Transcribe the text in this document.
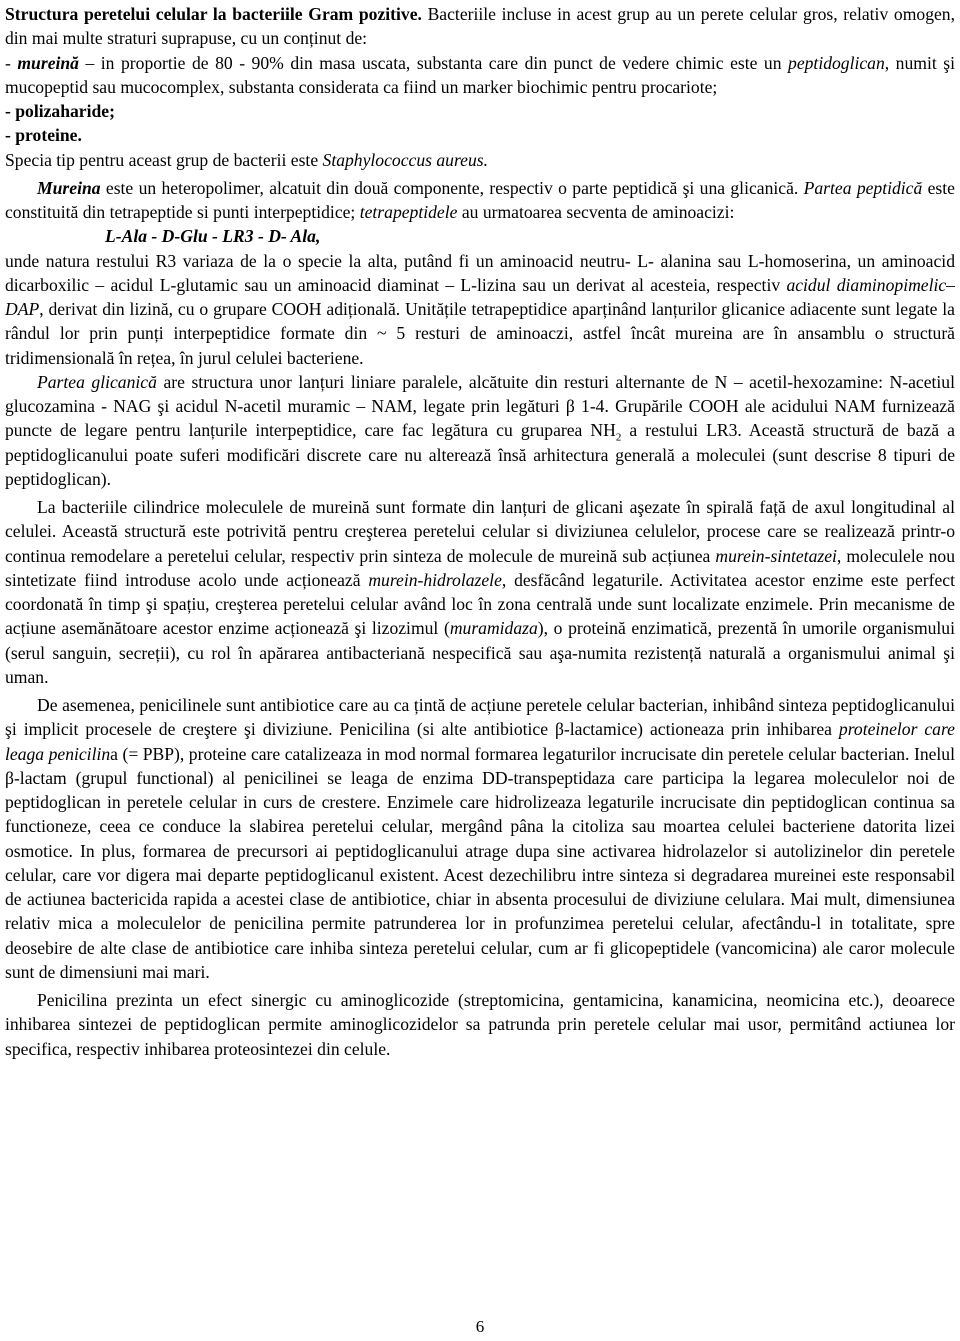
Structura peretelui celular la bacteriile Gram pozitive. Bacteriile incluse in acest grup au un perete celular gros, relativ omogen, din mai multe straturi suprapuse, cu un conținut de:

- mureină – in proportie de 80 - 90% din masa uscata, substanta care din punct de vedere chimic este un peptidoglican, numit şi mucopeptid sau mucocomplex, substanta considerata ca fiind un marker biochimic pentru procariote;

- polizaharide;

- proteine.

Specia tip pentru aceast grup de bacterii este Staphylococcus aureus.

Mureina este un heteropolimer, alcatuit din două componente, respectiv o parte peptidică şi una glicanică. Partea peptidică este constituită din tetrapeptide si punti interpeptidice; tetrapeptidele au urmatoarea secventa de aminoacizi:

L-Ala - D-Glu - LR3 - D- Ala,

unde natura restului R3 variaza de la o specie la alta, putând fi un aminoacid neutru- L- alanina sau L-homoserina, un aminoacid dicarboxilic – acidul L-glutamic sau un aminoacid diaminat – L-lizina sau un derivat al acesteia, respectiv acidul diaminopimelic– DAP, derivat din lizină, cu o grupare COOH adițională. Unitățile tetrapeptidice aparținând lanțurilor glicanice adiacente sunt legate la rândul lor prin punți interpeptidice formate din ~ 5 resturi de aminoaczi, astfel încât mureina are în ansamblu o structură tridimensională în rețea, în jurul celulei bacteriene.

Partea glicanică are structura unor lanțuri liniare paralele, alcătuite din resturi alternante de N – acetil-hexozamine: N-acetiul glucozamina - NAG şi acidul N-acetil muramic – NAM, legate prin legături β 1-4. Grupările COOH ale acidului NAM furnizează puncte de legare pentru lanțurile interpeptidice, care fac legătura cu gruparea $NH_2$ a restului LR3. Această structură de bază a peptidoglicanului poate suferi modificări discrete care nu alterează însă arhitectura generală a moleculei (sunt descrise 8 tipuri de peptidoglican).

La bacteriile cilindrice moleculele de mureină sunt formate din lanțuri de glicani aşezate în spirală față de axul longitudinal al celulei. Această structură este potrivită pentru creşterea peretelui celular si diviziunea celulelor, procese care se realizează printr-o continua remodelare a peretelui celular, respectiv prin sinteza de molecule de mureină sub acțiunea murein-sintetazei, moleculele nou sintetizate fiind introduse acolo unde acționează murein-hidrolazele, desfăcând legaturile. Activitatea acestor enzime este perfect coordonată în timp şi spațiu, creşterea peretelui celular având loc în zona centrală unde sunt localizate enzimele. Prin mecanisme de acțiune asemănătoare acestor enzime acționează şi lizozimul (muramidaza), o proteină enzimatică, prezentă în umorile organismului (serul sanguin, secreții), cu rol în apărarea antibacteriană nespecifică sau aşa-numita rezistență naturală a organismului animal şi uman.

De asemenea, penicilinele sunt antibiotice care au ca țintă de acțiune peretele celular bacterian, inhibând sinteza peptidoglicanului şi implicit procesele de creştere şi diviziune. Penicilina (si alte antibiotice β-lactamice) actioneaza prin inhibarea proteinelor care leaga penicilina (= PBP), proteine care catalizeaza in mod normal formarea legaturilor incrucisate din peretele celular bacterian. Inelul β-lactam (grupul functional) al penicilinei se leaga de enzima DD-transpeptidaza care participa la legarea moleculelor noi de peptidoglican in peretele celular in curs de crestere. Enzimele care hidrolizeaza legaturile incrucisate din peptidoglican continua sa functioneze, ceea ce conduce la slabirea peretelui celular, mergând pâna la citoliza sau moartea celulei bacteriene datorita lizei osmotice. In plus, formarea de precursori ai peptidoglicanului atrage dupa sine activarea hidrolazelor si autolizinelor din peretele celular, care vor digera mai departe peptidoglicanul existent. Acest dezechilibru intre sinteza si degradarea mureinei este responsabil de actiunea bactericida rapida a acestei clase de antibiotice, chiar in absenta procesului de diviziune celulara. Mai mult, dimensiunea relativ mica a moleculelor de penicilina permite patrunderea lor in profunzimea peretelui celular, afectându-l in totalitate, spre deosebire de alte clase de antibiotice care inhiba sinteza peretelui celular, cum ar fi glicopeptidele (vancomicina) ale caror molecule sunt de dimensiuni mai mari.

Penicilina prezinta un efect sinergic cu aminoglicozide (streptomicina, gentamicina, kanamicina, neomicina etc.), deoarece inhibarea sintezei de peptidoglican permite aminoglicozidelor sa patrunda prin peretele celular mai usor, permitând actiunea lor specifica, respectiv inhibarea proteosintezei din celule.

6
